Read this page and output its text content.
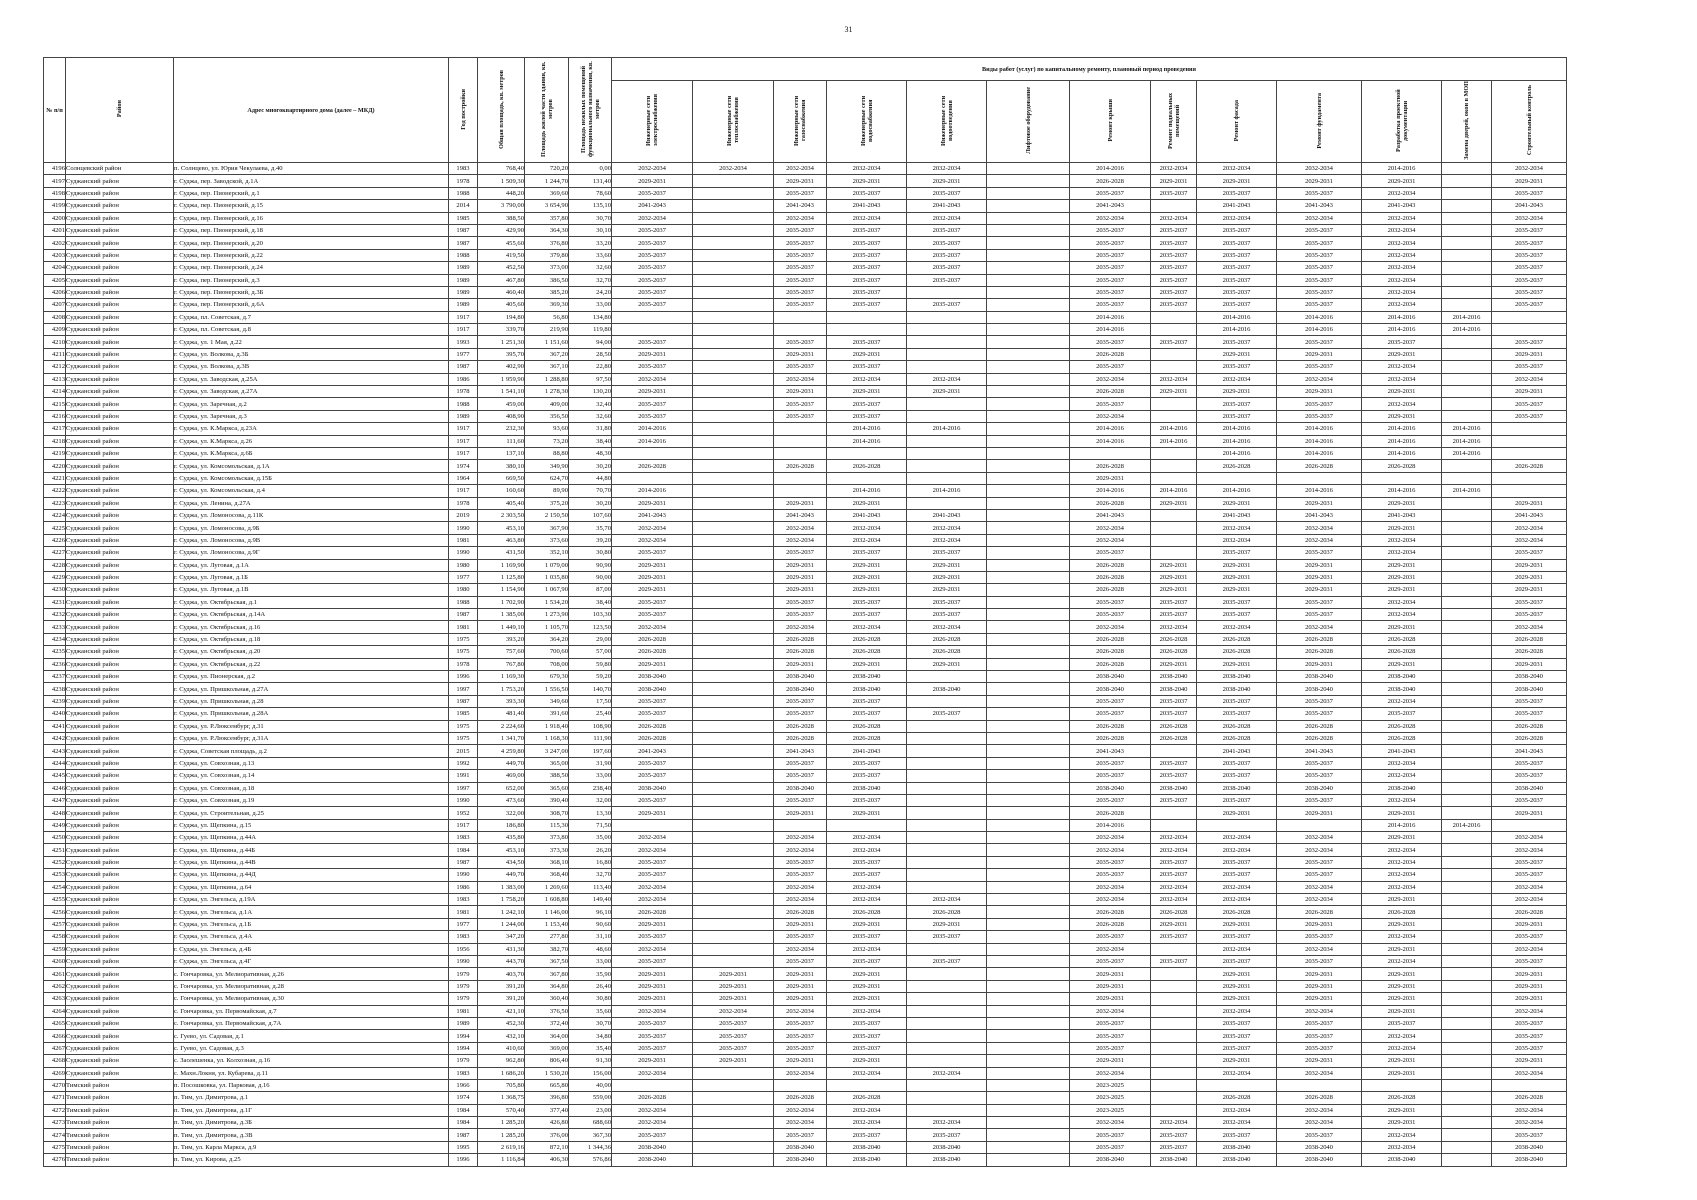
31
№ п/п	Район	Адрес многоквартирного дома (далее – МКД)	Год постройки	Общая площадь, кв. метров	Площадь жилой части здания, кв. метров	Площадь нежилых помещений функционального назначения, кв. метров	Виды работ (услуг) по капитальному ремонту, плановый период проведения												
							Инженерные сети электроснабжения	Инженерные сети теплоснабжения	Инженерные сети газоснабжения	Инженерные сети водоснабжения	Инженерные сети водоотведения	Лифтовое оборудование	Ремонт крыши	Ремонт подвальных помещений	Ремонт фасада	Ремонт фундамента	Разработка проектной документации	Замена дверей, окон в МОП	Строительный контроль
4196	Солнцевский район	п. Солнцево, ул. Юрия Чекулаева, д.40	1983	768,40	720,20	0,00	2032-2034	2032-2034	2032-2034	2032-2034	2032-2034		2014-2016	2032-2034	2032-2034	2032-2034	2014-2016		2032-2034
4197	Суджанский район	г. Суджа, пер. Заводской, д.1А	1978	1 509,30	1 244,70	131,40	2029-2031		2029-2031	2029-2031	2029-2031		2026-2028	2029-2031	2029-2031	2029-2031	2029-2031		2029-2031
4198	Суджанский район	г. Суджа, пер. Пионерский, д.1	1988	448,20	369,60	78,60	2035-2037		2035-2037	2035-2037	2035-2037		2035-2037	2035-2037	2035-2037	2035-2037	2032-2034		2035-2037
4199	Суджанский район	г. Суджа, пер. Пионерский, д.15	2014	3 790,00	3 654,90	135,10	2041-2043		2041-2043	2041-2043	2041-2043		2041-2043		2041-2043	2041-2043	2041-2043		2041-2043
4200	Суджанский район	г. Суджа, пер. Пионерский, д.16	1985	388,50	357,80	30,70	2032-2034		2032-2034	2032-2034	2032-2034		2032-2034	2032-2034	2032-2034	2032-2034	2032-2034		2032-2034
4201	Суджанский район	г. Суджа, пер. Пионерский, д.18	1987	429,90	364,30	30,10	2035-2037		2035-2037	2035-2037	2035-2037		2035-2037	2035-2037	2035-2037	2035-2037	2032-2034		2035-2037
4202	Суджанский район	г. Суджа, пер. Пионерский, д.20	1987	455,60	376,80	33,20	2035-2037		2035-2037	2035-2037	2035-2037		2035-2037	2035-2037	2035-2037	2035-2037	2032-2034		2035-2037
4203	Суджанский район	г. Суджа, пер. Пионерский, д.22	1988	419,50	379,80	33,60	2035-2037		2035-2037	2035-2037	2035-2037		2035-2037	2035-2037	2035-2037	2035-2037	2032-2034		2035-2037
4204	Суджанский район	г. Суджа, пер. Пионерский, д.24	1989	452,50	373,00	32,60	2035-2037		2035-2037	2035-2037	2035-2037		2035-2037	2035-2037	2035-2037	2035-2037	2032-2034		2035-2037
4205	Суджанский район	г. Суджа, пер. Пионерский, д.3	1989	467,80	386,50	32,70	2035-2037		2035-2037	2035-2037	2035-2037		2035-2037	2035-2037	2035-2037	2035-2037	2032-2034		2035-2037
4206	Суджанский район	г. Суджа, пер. Пионерский, д.3Б	1989	460,40	385,20	24,20	2035-2037		2035-2037	2035-2037			2035-2037	2035-2037	2035-2037	2035-2037	2032-2034		2035-2037
4207	Суджанский район	г. Суджа, пер. Пионерский, д.6А	1989	405,60	369,30	33,00	2035-2037		2035-2037	2035-2037	2035-2037		2035-2037	2035-2037	2035-2037	2035-2037	2032-2034		2035-2037
4208	Суджанский район	г. Суджа, пл. Советская, д.7	1917	194,80	56,80	134,80							2014-2016		2014-2016	2014-2016	2014-2016	2014-2016	
4209	Суджанский район	г. Суджа, пл. Советская, д.8	1917	339,70	219,90	119,80							2014-2016		2014-2016	2014-2016	2014-2016	2014-2016	
4210	Суджанский район	г. Суджа, ул. 1 Мая, д.22	1993	1 251,30	1 151,60	94,00	2035-2037		2035-2037	2035-2037			2035-2037	2035-2037	2035-2037	2035-2037	2035-2037		2035-2037
4211	Суджанский район	г. Суджа, ул. Волкова, д.3Б	1977	395,70	367,20	28,50	2029-2031		2029-2031	2029-2031			2026-2028		2029-2031	2029-2031	2029-2031		2029-2031
4212	Суджанский район	г. Суджа, ул. Волкова, д.3В	1987	402,90	367,10	22,80	2035-2037		2035-2037	2035-2037			2035-2037		2035-2037	2035-2037	2032-2034		2035-2037
4213	Суджанский район	г. Суджа, ул. Заводская, д.25А	1986	1 959,90	1 288,80	97,50	2032-2034		2032-2034	2032-2034	2032-2034		2032-2034	2032-2034	2032-2034	2032-2034	2032-2034		2032-2034
4214	Суджанский район	г. Суджа, ул. Заводская, д.27А	1978	1 541,10	1 278,30	130,20	2029-2031		2029-2031	2029-2031	2029-2031		2026-2028	2029-2031	2029-2031	2029-2031	2029-2031		2029-2031
4215	Суджанский район	г. Суджа, ул. Заречная, д.2	1988	459,00	409,00	32,40	2035-2037		2035-2037	2035-2037			2035-2037		2035-2037	2035-2037	2032-2034		2035-2037
4216	Суджанский район	г. Суджа, ул. Заречная, д.3	1989	408,90	356,50	32,60	2035-2037		2035-2037	2035-2037			2032-2034		2035-2037	2035-2037	2029-2031		2035-2037
4217	Суджанский район	г. Суджа, ул. К.Маркса, д.23А	1917	232,30	93,60	31,80	2014-2016			2014-2016	2014-2016		2014-2016	2014-2016	2014-2016	2014-2016	2014-2016	2014-2016	
4218	Суджанский район	г. Суджа, ул. К.Маркса, д.26	1917	111,60	73,20	38,40	2014-2016			2014-2016			2014-2016	2014-2016	2014-2016	2014-2016	2014-2016	2014-2016	
4219	Суджанский район	г. Суджа, ул. К.Маркса, д.6Б	1917	137,10	88,80	48,30									2014-2016	2014-2016	2014-2016	2014-2016	
4220	Суджанский район	г. Суджа, ул. Комсомольская, д.1А	1974	380,10	349,90	30,20	2026-2028		2026-2028	2026-2028			2026-2028		2026-2028	2026-2028	2026-2028		2026-2028
4221	Суджанский район	г. Суджа, ул. Комсомольская, д.15Б	1964	669,50	624,70	44,80							2029-2031						
4222	Суджанский район	г. Суджа, ул. Комсомольская, д.4	1917	160,60	89,90	70,70	2014-2016			2014-2016	2014-2016		2014-2016	2014-2016	2014-2016	2014-2016	2014-2016	2014-2016	
4223	Суджанский район	г. Суджа, ул. Ленина, д.27А	1978	405,40	375,20	30,20	2029-2031		2029-2031	2029-2031			2026-2028	2029-2031	2029-2031	2029-2031	2029-2031		2029-2031
4224	Суджанский район	г. Суджа, ул. Ломоносова, д.11К	2019	2 303,50	2 150,50	107,60	2041-2043		2041-2043	2041-2043	2041-2043		2041-2043		2041-2043	2041-2043	2041-2043		2041-2043
4225	Суджанский район	г. Суджа, ул. Ломоносова, д.9Б	1990	453,10	367,90	35,70	2032-2034		2032-2034	2032-2034	2032-2034		2032-2034		2032-2034	2032-2034	2029-2031		2032-2034
4226	Суджанский район	г. Суджа, ул. Ломоносова, д.9В	1981	463,80	373,60	39,20	2032-2034		2032-2034	2032-2034	2032-2034		2032-2034		2032-2034	2032-2034	2032-2034		2032-2034
4227	Суджанский район	г. Суджа, ул. Ломоносова, д.9Г	1990	431,50	352,10	30,80	2035-2037		2035-2037	2035-2037	2035-2037		2035-2037		2035-2037	2035-2037	2032-2034		2035-2037
4228	Суджанский район	г. Суджа, ул. Луговая, д.1А	1980	1 169,90	1 079,00	90,90	2029-2031		2029-2031	2029-2031	2029-2031		2026-2028	2029-2031	2029-2031	2029-2031	2029-2031		2029-2031
4229	Суджанский район	г. Суджа, ул. Луговая, д.1Б	1977	1 125,80	1 035,80	90,00	2029-2031		2029-2031	2029-2031	2029-2031		2026-2028	2029-2031	2029-2031	2029-2031	2029-2031		2029-2031
4230	Суджанский район	г. Суджа, ул. Луговая, д.1В	1980	1 154,90	1 067,90	87,00	2029-2031		2029-2031	2029-2031	2029-2031		2026-2028	2029-2031	2029-2031	2029-2031	2029-2031		2029-2031
4231	Суджанский район	г. Суджа, ул. Октябрьская, д.1	1988	1 702,90	1 534,20	38,40	2035-2037		2035-2037	2035-2037	2035-2037		2035-2037	2035-2037	2035-2037	2035-2037	2032-2034		2035-2037
4232	Суджанский район	г. Суджа, ул. Октябрьская, д.14А	1987	1 385,00	1 273,90	103,30	2035-2037		2035-2037	2035-2037	2035-2037		2035-2037	2035-2037	2035-2037	2035-2037	2032-2034		2035-2037
4233	Суджанский район	г. Суджа, ул. Октябрьская, д.16	1981	1 449,10	1 105,70	123,50	2032-2034		2032-2034	2032-2034	2032-2034		2032-2034	2032-2034	2032-2034	2032-2034	2029-2031		2032-2034
4234	Суджанский район	г. Суджа, ул. Октябрьская, д.18	1975	393,20	364,20	29,00	2026-2028		2026-2028	2026-2028	2026-2028		2026-2028	2026-2028	2026-2028	2026-2028	2026-2028		2026-2028
4235	Суджанский район	г. Суджа, ул. Октябрьская, д.20	1975	757,60	700,60	57,00	2026-2028		2026-2028	2026-2028	2026-2028		2026-2028	2026-2028	2026-2028	2026-2028	2026-2028		2026-2028
4236	Суджанский район	г. Суджа, ул. Октябрьская, д.22	1978	767,80	708,00	59,80	2029-2031		2029-2031	2029-2031	2029-2031		2026-2028	2029-2031	2029-2031	2029-2031	2029-2031		2029-2031
4237	Суджанский район	г. Суджа, ул. Пионерская, д.2	1996	1 169,30	679,30	59,20	2038-2040		2038-2040	2038-2040			2038-2040	2038-2040	2038-2040	2038-2040	2038-2040		2038-2040
4238	Суджанский район	г. Суджа, ул. Пришкольная, д.27А	1997	1 753,20	1 556,50	140,70	2038-2040		2038-2040	2038-2040	2038-2040		2038-2040	2038-2040	2038-2040	2038-2040	2038-2040		2038-2040
4239	Суджанский район	г. Суджа, ул. Пришкольная, д.28	1987	393,30	349,60	17,50	2035-2037		2035-2037	2035-2037			2035-2037	2035-2037	2035-2037	2035-2037	2032-2034		2035-2037
4240	Суджанский район	г. Суджа, ул. Пришкольная, д.28А	1985	481,40	391,60	25,40	2035-2037		2035-2037	2035-2037	2035-2037		2035-2037	2035-2037	2035-2037	2035-2037	2035-2037		2035-2037
4241	Суджанский район	г. Суджа, ул. Р.Люксембург, д.31	1975	2 224,60	1 918,40	108,90	2026-2028		2026-2028	2026-2028			2026-2028	2026-2028	2026-2028	2026-2028	2026-2028		2026-2028
4242	Суджанский район	г. Суджа, ул. Р.Люксембург, д.31А	1975	1 341,70	1 168,30	111,90	2026-2028		2026-2028	2026-2028			2026-2028	2026-2028	2026-2028	2026-2028	2026-2028		2026-2028
4243	Суджанский район	г. Суджа, Советская площадь, д.2	2015	4 259,80	3 247,00	197,60	2041-2043		2041-2043	2041-2043			2041-2043		2041-2043	2041-2043	2041-2043		2041-2043
4244	Суджанский район	г. Суджа, ул. Совхозная, д.13	1992	449,70	365,00	31,90	2035-2037		2035-2037	2035-2037			2035-2037	2035-2037	2035-2037	2035-2037	2032-2034		2035-2037
4245	Суджанский район	г. Суджа, ул. Совхозная, д.14	1991	469,00	388,50	33,00	2035-2037		2035-2037	2035-2037			2035-2037	2035-2037	2035-2037	2035-2037	2032-2034		2035-2037
4246	Суджанский район	г. Суджа, ул. Совхозная, д.18	1997	652,00	365,60	238,40	2038-2040		2038-2040	2038-2040			2038-2040	2038-2040	2038-2040	2038-2040	2038-2040		2038-2040
4247	Суджанский район	г. Суджа, ул. Совхозная, д.19	1990	473,60	390,40	32,00	2035-2037		2035-2037	2035-2037			2035-2037	2035-2037	2035-2037	2035-2037	2032-2034		2035-2037
4248	Суджанский район	г. Суджа, ул. Строительная, д.25	1952	322,00	308,70	13,30	2029-2031		2029-2031	2029-2031			2026-2028		2029-2031	2029-2031	2029-2031		2029-2031
4249	Суджанский район	г. Суджа, ул. Щепкина, д.15	1917	186,80	115,30	71,50							2014-2016				2014-2016	2014-2016	
4250	Суджанский район	г. Суджа, ул. Щепкина, д.44А	1983	435,80	373,80	35,00	2032-2034		2032-2034	2032-2034			2032-2034	2032-2034	2032-2034	2032-2034	2029-2031		2032-2034
4251	Суджанский район	г. Суджа, ул. Щепкина, д.44Б	1984	453,10	373,30	26,20	2032-2034		2032-2034	2032-2034			2032-2034	2032-2034	2032-2034	2032-2034	2032-2034		2032-2034
4252	Суджанский район	г. Суджа, ул. Щепкина, д.44В	1987	434,50	368,10	16,80	2035-2037		2035-2037	2035-2037			2035-2037	2035-2037	2035-2037	2035-2037	2032-2034		2035-2037
4253	Суджанский район	г. Суджа, ул. Щепкина, д.44Д	1990	449,70	368,40	32,70	2035-2037		2035-2037	2035-2037			2035-2037	2035-2037	2035-2037	2035-2037	2032-2034		2035-2037
4254	Суджанский район	г. Суджа, ул. Щепкина, д.64	1986	1 383,00	1 269,60	113,40	2032-2034		2032-2034	2032-2034			2032-2034	2032-2034	2032-2034	2032-2034	2032-2034		2032-2034
4255	Суджанский район	г. Суджа, ул. Энгельса, д.19А	1983	1 758,20	1 608,80	149,40	2032-2034		2032-2034	2032-2034	2032-2034		2032-2034	2032-2034	2032-2034	2032-2034	2029-2031		2032-2034
4256	Суджанский район	г. Суджа, ул. Энгельса, д.1А	1981	1 242,10	1 146,00	96,10	2026-2028		2026-2028	2026-2028	2026-2028		2026-2028	2026-2028	2026-2028	2026-2028	2026-2028		2026-2028
4257	Суджанский район	г. Суджа, ул. Энгельса, д.1Б	1977	1 244,00	1 153,40	90,60	2029-2031		2029-2031	2029-2031	2029-2031		2026-2028	2029-2031	2029-2031	2029-2031	2029-2031		2029-2031
4258	Суджанский район	г. Суджа, ул. Энгельса, д.4А	1983	347,20	277,80	31,10	2035-2037		2035-2037	2035-2037	2035-2037		2035-2037	2035-2037	2035-2037	2035-2037	2032-2034		2035-2037
4259	Суджанский район	г. Суджа, ул. Энгельса, д.4Б	1956	431,30	382,70	48,60	2032-2034		2032-2034	2032-2034			2032-2034		2032-2034	2032-2034	2029-2031		2032-2034
4260	Суджанский район	г. Суджа, ул. Энгельса, д.4Г	1990	443,70	367,50	33,00	2035-2037		2035-2037	2035-2037	2035-2037		2035-2037	2035-2037	2035-2037	2035-2037	2032-2034		2035-2037
4261	Суджанский район	с. Гончаровка, ул. Мелиоративная, д.26	1979	403,70	367,80	35,90	2029-2031	2029-2031	2029-2031	2029-2031			2029-2031		2029-2031	2029-2031	2029-2031		2029-2031
4262	Суджанский район	с. Гончаровка, ул. Мелиоративная, д.28	1979	391,20	364,80	26,40	2029-2031	2029-2031	2029-2031	2029-2031			2029-2031		2029-2031	2029-2031	2029-2031		2029-2031
4263	Суджанский район	с. Гончаровка, ул. Мелиоративная, д.30	1979	391,20	360,40	30,80	2029-2031	2029-2031	2029-2031	2029-2031			2029-2031		2029-2031	2029-2031	2029-2031		2029-2031
4264	Суджанский район	с. Гончаровка, ул. Первомайская, д.7	1981	421,10	376,50	35,60	2032-2034	2032-2034	2032-2034	2032-2034			2032-2034		2032-2034	2032-2034	2029-2031		2032-2034
4265	Суджанский район	с. Гончаровка, ул. Первомайская, д.7А	1989	452,30	372,40	30,70	2035-2037	2035-2037	2035-2037	2035-2037			2035-2037		2035-2037	2035-2037	2035-2037		2035-2037
4266	Суджанский район	с. Гуево, ул. Садовая, д.1	1994	432,10	364,00	34,80	2035-2037	2035-2037	2035-2037	2035-2037			2035-2037		2035-2037	2035-2037	2032-2034		2035-2037
4267	Суджанский район	с. Гуево, ул. Садовая, д.3	1994	410,60	369,00	35,40	2035-2037	2035-2037	2035-2037	2035-2037			2035-2037		2035-2037	2035-2037	2032-2034		2035-2037
4268	Суджанский район	с. Заолешенка, ул. Колхозная, д.16	1979	962,80	806,40	91,30	2029-2031	2029-2031	2029-2031	2029-2031			2029-2031		2029-2031	2029-2031	2029-2031		2029-2031
4269	Суджанский район	с. Махн.Локня, ул. Кубарева, д.11	1983	1 686,20	1 530,20	156,00	2032-2034		2032-2034	2032-2034	2032-2034		2032-2034		2032-2034	2032-2034	2029-2031		2032-2034
4270	Тимский район	п. Посошковка, ул. Парковая, д.16	1966	705,80	665,80	40,00							2023-2025						
4271	Тимский район	п. Тим, ул. Димитрова, д.1	1974	1 368,75	396,80	559,00	2026-2028		2026-2028	2026-2028			2023-2025		2026-2028	2026-2028	2026-2028		2026-2028
4272	Тимский район	п. Тим, ул. Димитрова, д.1Г	1984	570,40	377,40	23,00	2032-2034		2032-2034	2032-2034			2023-2025		2032-2034	2032-2034	2029-2031		2032-2034
4273	Тимский район	п. Тим, ул. Димитрова, д.3Б	1984	1 285,20	426,80	688,60	2032-2034		2032-2034	2032-2034	2032-2034		2032-2034	2032-2034	2032-2034	2032-2034	2029-2031		2032-2034
4274	Тимский район	п. Тим, ул. Димитрова, д.3В	1987	1 285,20	376,00	367,30	2035-2037		2035-2037	2035-2037	2035-2037		2035-2037	2035-2037	2035-2037	2035-2037	2032-2034		2035-2037
4275	Тимский район	п. Тим, ул. Карла Маркса, д.9	1995	2 619,16	872,10	1 344,36	2038-2040		2038-2040	2038-2040	2038-2040		2035-2037	2035-2037	2038-2040	2038-2040	2032-2034		2038-2040
4276	Тимский район	п. Тим, ул. Кирова, д.25	1996	1 116,84	406,30	576,86	2038-2040		2038-2040	2038-2040	2038-2040		2038-2040	2038-2040	2038-2040	2038-2040	2038-2040		2038-2040
